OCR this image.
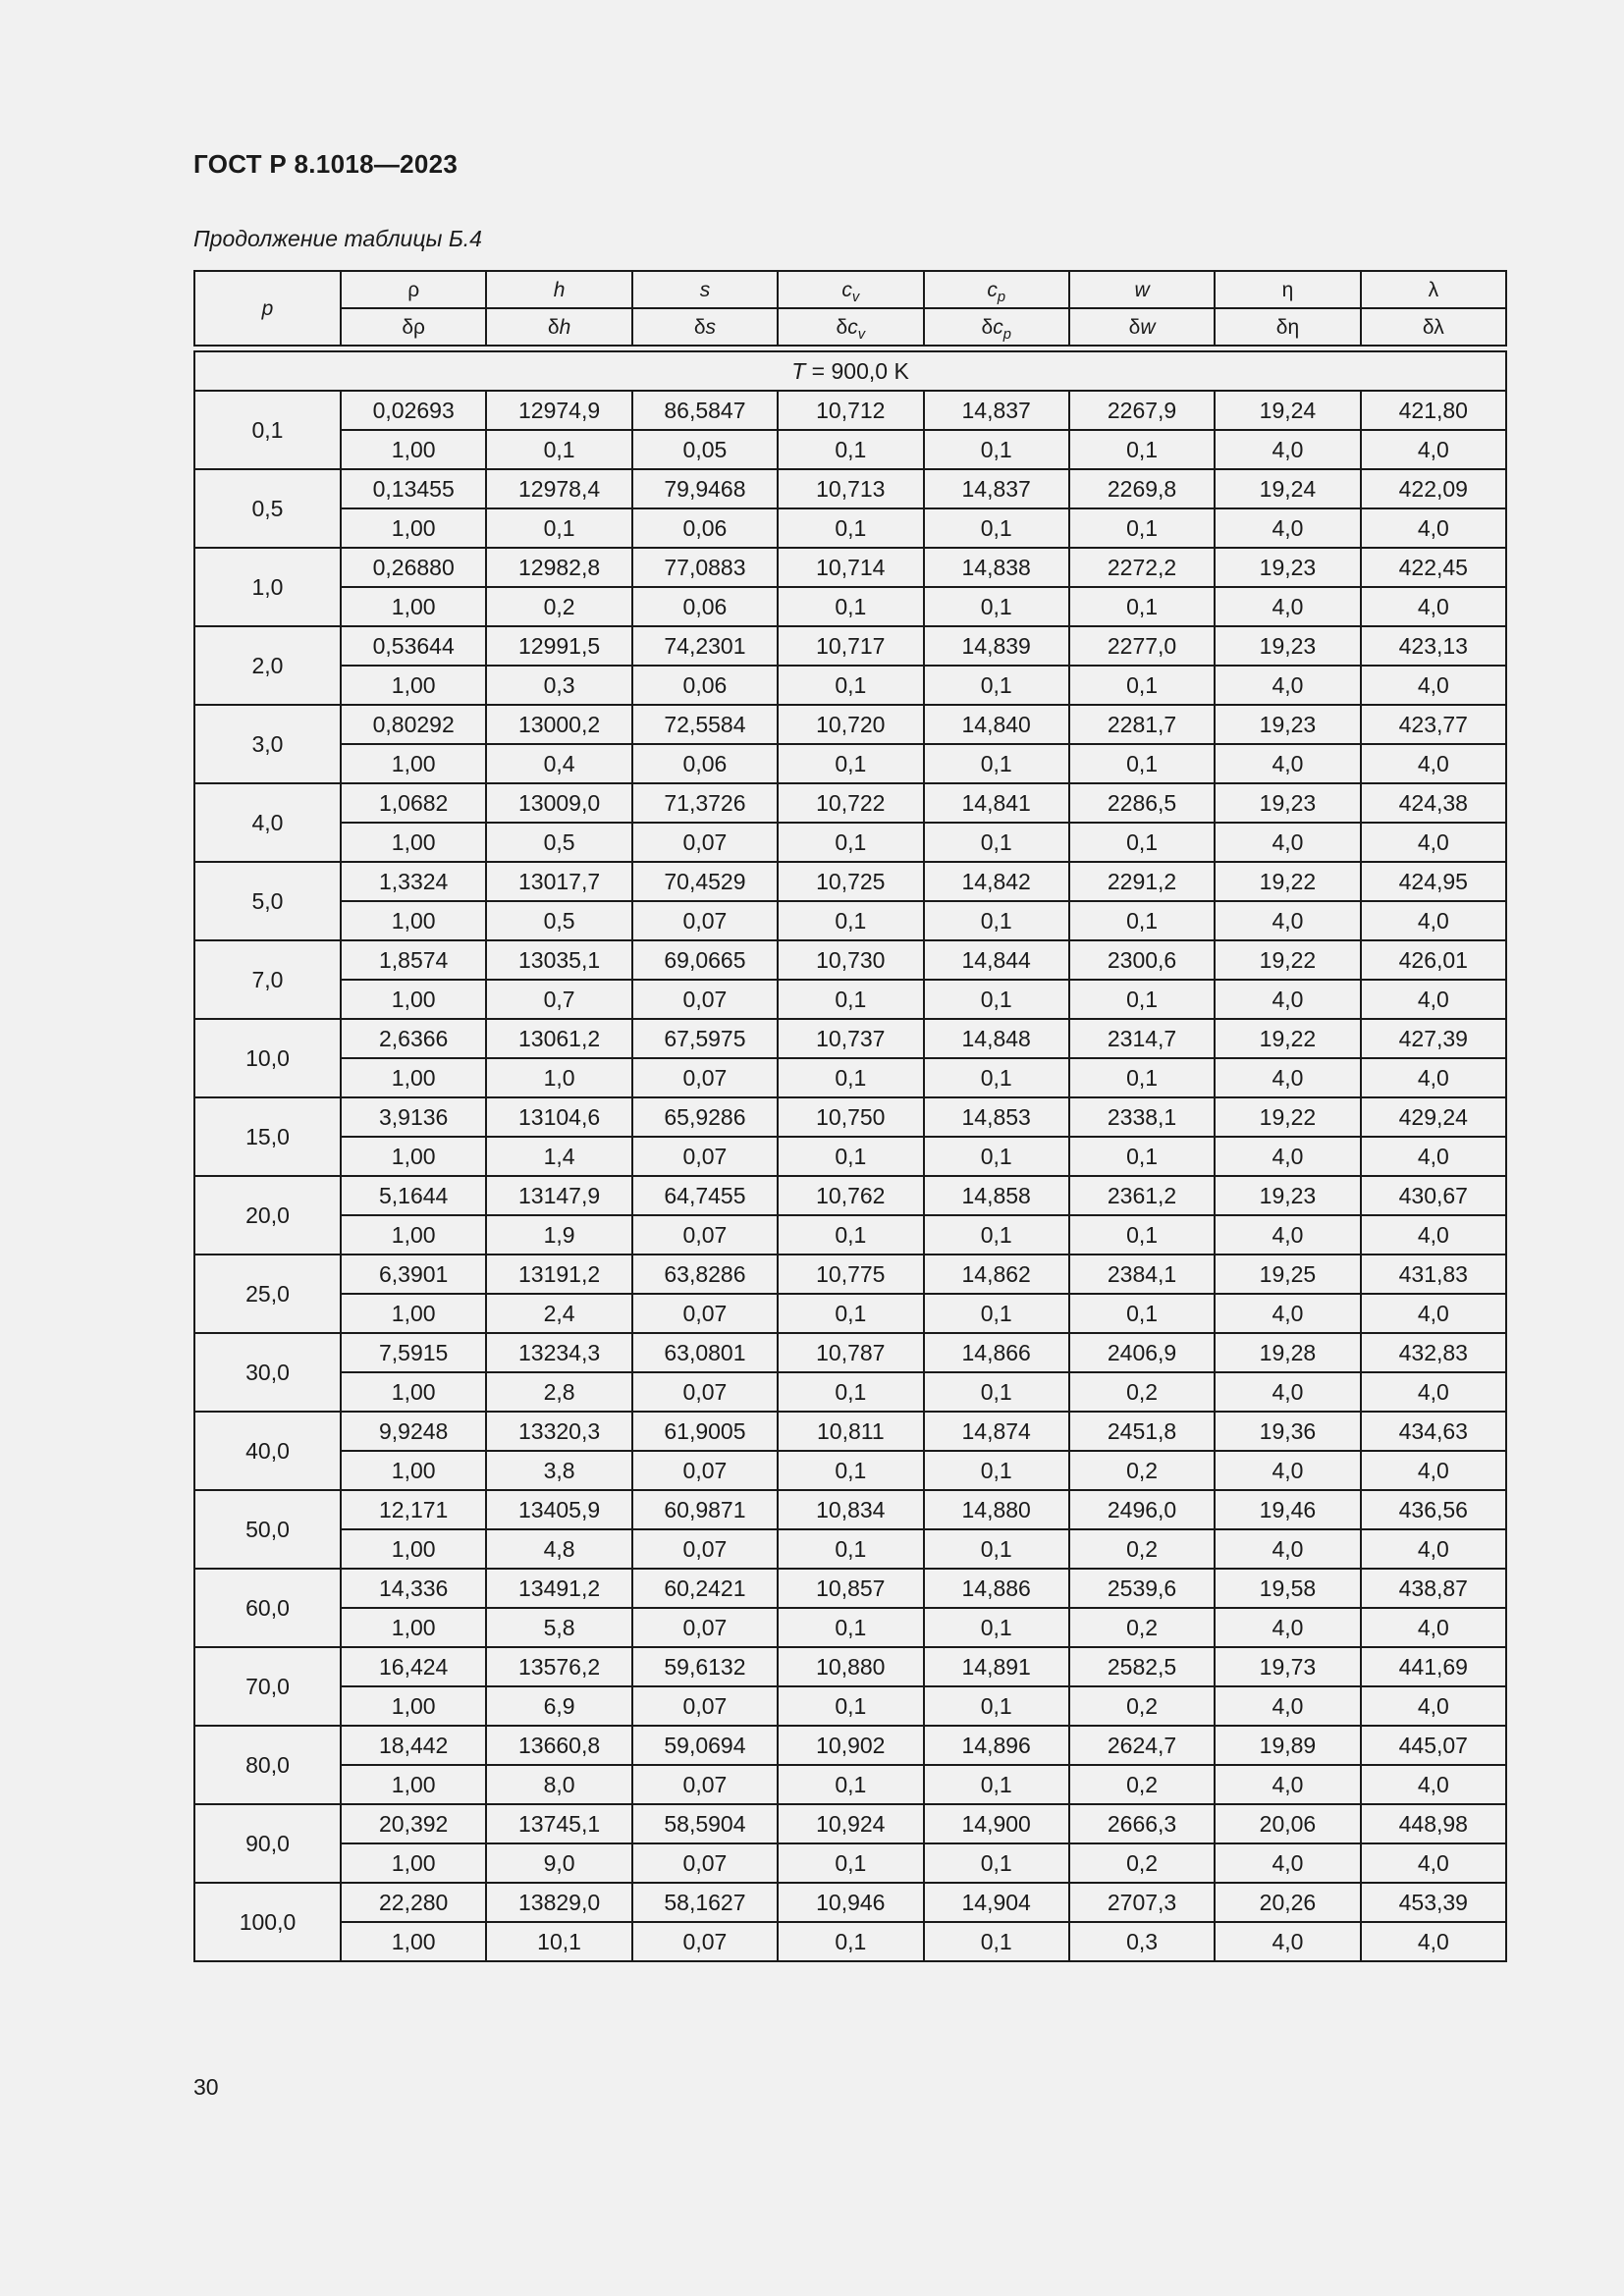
ГОСТ Р 8.1018—2023
Продолжение таблицы Б.4
p	ρ	h	s	$c_v$	$c_p$	w	η	λ
	δρ	δh	δs	$\delta c_v$	$\delta c_p$	δw	δη	δλ

T = 900,0 K								
0,1	0,02693	12974,9	86,5847	10,712	14,837	2267,9	19,24	421,80
	1,00	0,1	0,05	0,1	0,1	0,1	4,0	4,0
0,5	0,13455	12978,4	79,9468	10,713	14,837	2269,8	19,24	422,09
	1,00	0,1	0,06	0,1	0,1	0,1	4,0	4,0
1,0	0,26880	12982,8	77,0883	10,714	14,838	2272,2	19,23	422,45
	1,00	0,2	0,06	0,1	0,1	0,1	4,0	4,0
2,0	0,53644	12991,5	74,2301	10,717	14,839	2277,0	19,23	423,13
	1,00	0,3	0,06	0,1	0,1	0,1	4,0	4,0
3,0	0,80292	13000,2	72,5584	10,720	14,840	2281,7	19,23	423,77
	1,00	0,4	0,06	0,1	0,1	0,1	4,0	4,0
4,0	1,0682	13009,0	71,3726	10,722	14,841	2286,5	19,23	424,38
	1,00	0,5	0,07	0,1	0,1	0,1	4,0	4,0
5,0	1,3324	13017,7	70,4529	10,725	14,842	2291,2	19,22	424,95
	1,00	0,5	0,07	0,1	0,1	0,1	4,0	4,0
7,0	1,8574	13035,1	69,0665	10,730	14,844	2300,6	19,22	426,01
	1,00	0,7	0,07	0,1	0,1	0,1	4,0	4,0
10,0	2,6366	13061,2	67,5975	10,737	14,848	2314,7	19,22	427,39
	1,00	1,0	0,07	0,1	0,1	0,1	4,0	4,0
15,0	3,9136	13104,6	65,9286	10,750	14,853	2338,1	19,22	429,24
	1,00	1,4	0,07	0,1	0,1	0,1	4,0	4,0
20,0	5,1644	13147,9	64,7455	10,762	14,858	2361,2	19,23	430,67
	1,00	1,9	0,07	0,1	0,1	0,1	4,0	4,0
25,0	6,3901	13191,2	63,8286	10,775	14,862	2384,1	19,25	431,83
	1,00	2,4	0,07	0,1	0,1	0,1	4,0	4,0
30,0	7,5915	13234,3	63,0801	10,787	14,866	2406,9	19,28	432,83
	1,00	2,8	0,07	0,1	0,1	0,2	4,0	4,0
40,0	9,9248	13320,3	61,9005	10,811	14,874	2451,8	19,36	434,63
	1,00	3,8	0,07	0,1	0,1	0,2	4,0	4,0
50,0	12,171	13405,9	60,9871	10,834	14,880	2496,0	19,46	436,56
	1,00	4,8	0,07	0,1	0,1	0,2	4,0	4,0
60,0	14,336	13491,2	60,2421	10,857	14,886	2539,6	19,58	438,87
	1,00	5,8	0,07	0,1	0,1	0,2	4,0	4,0
70,0	16,424	13576,2	59,6132	10,880	14,891	2582,5	19,73	441,69
	1,00	6,9	0,07	0,1	0,1	0,2	4,0	4,0
80,0	18,442	13660,8	59,0694	10,902	14,896	2624,7	19,89	445,07
	1,00	8,0	0,07	0,1	0,1	0,2	4,0	4,0
90,0	20,392	13745,1	58,5904	10,924	14,900	2666,3	20,06	448,98
	1,00	9,0	0,07	0,1	0,1	0,2	4,0	4,0
100,0	22,280	13829,0	58,1627	10,946	14,904	2707,3	20,26	453,39
	1,00	10,1	0,07	0,1	0,1	0,3	4,0	4,0
30
